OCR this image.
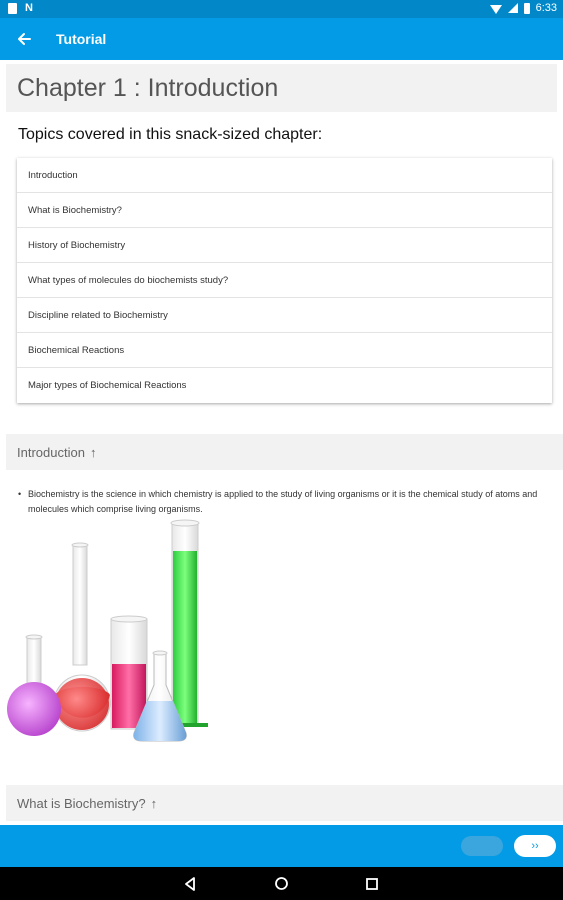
N	6:33
Tutorial
Chapter 1 : Introduction
Topics covered in this snack-sized chapter:
Introduction
What is Biochemistry?
History of Biochemistry
What types of molecules do biochemists study?
Discipline related to Biochemistry
Biochemical Reactions
Major types of Biochemical Reactions
Introduction ↑
• Biochemistry is the science in which chemistry is applied to the study of living organisms or it is the chemical study of atoms and molecules which comprise living organisms.
What is Biochemistry? ↑
››
